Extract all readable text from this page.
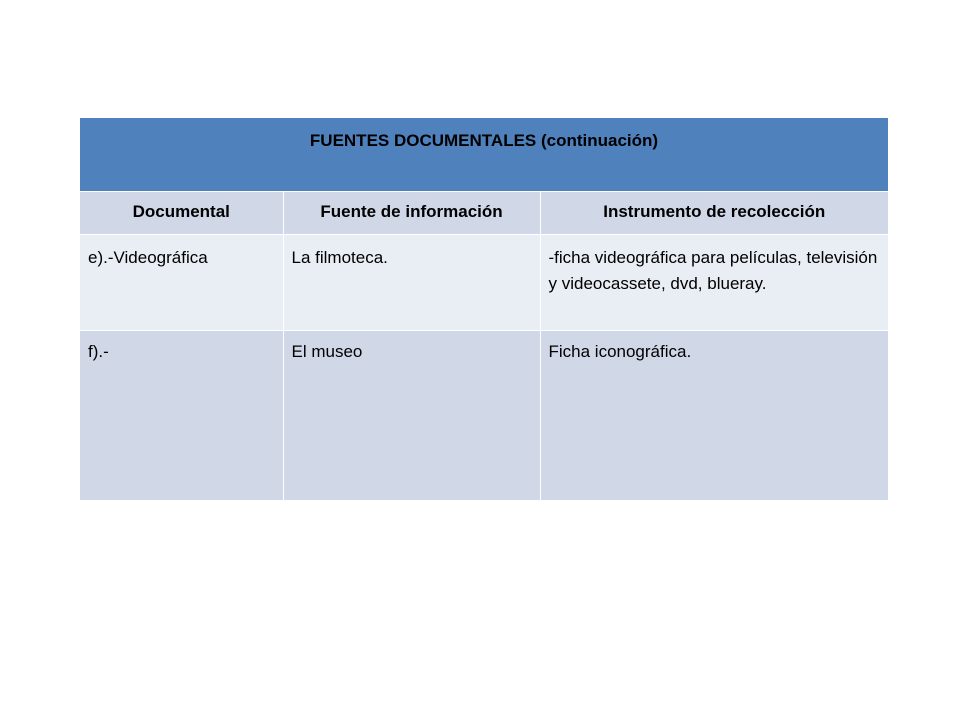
FUENTES DOCUMENTALES (continuación)		
Documental	Fuente de información	Instrumento de recolección
e).-Videográfica	La filmoteca.	-ficha videográfica para películas, televisión y videocassete, dvd, blueray.
f).-	El museo	Ficha iconográfica.
